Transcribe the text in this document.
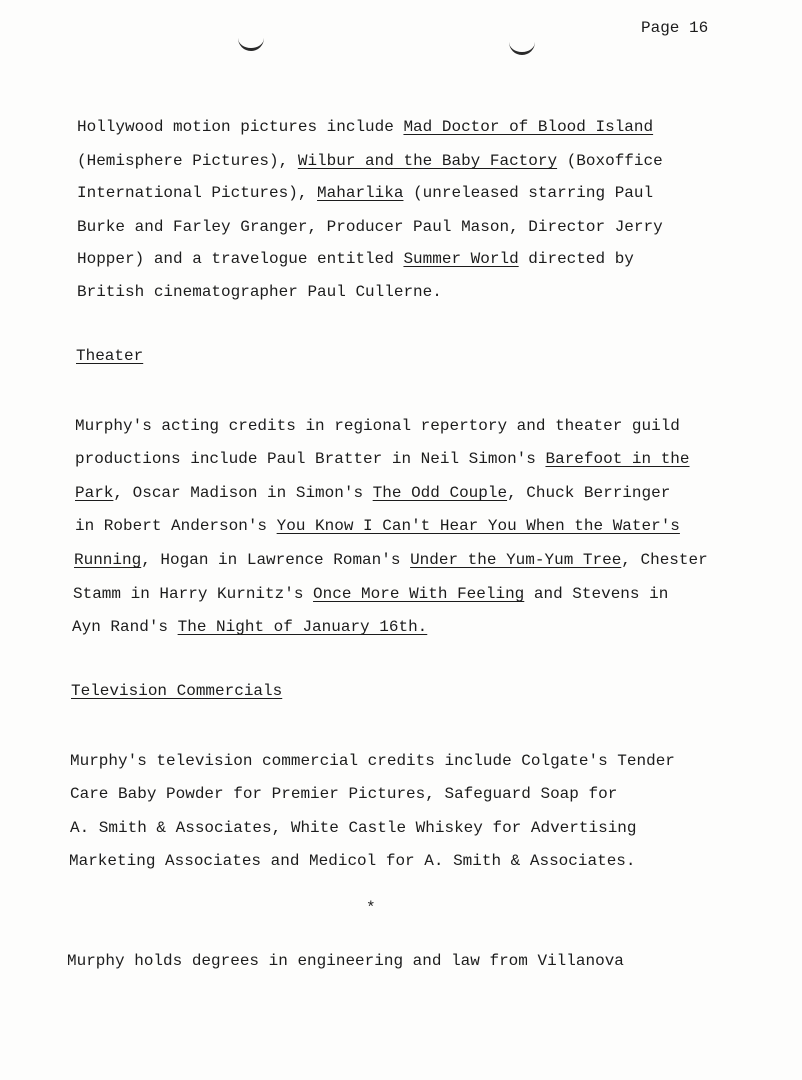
Page 16
Hollywood motion pictures include Mad Doctor of Blood Island
(Hemisphere Pictures), Wilbur and the Baby Factory (Boxoffice
International Pictures), Maharlika (unreleased starring Paul
Burke and Farley Granger, Producer Paul Mason, Director Jerry
Hopper) and a travelogue entitled Summer World directed by
British cinematographer Paul Cullerne.
Theater
Murphy's acting credits in regional repertory and theater guild
productions include Paul Bratter in Neil Simon's Barefoot in the
Park, Oscar Madison in Simon's The Odd Couple, Chuck Berringer
in Robert Anderson's You Know I Can't Hear You When the Water's
Running, Hogan in Lawrence Roman's Under the Yum-Yum Tree, Chester
Stamm in Harry Kurnitz's Once More With Feeling and Stevens in
Ayn Rand's The Night of January 16th.
Television Commercials
Murphy's television commercial credits include Colgate's Tender
Care Baby Powder for Premier Pictures, Safeguard Soap for
A. Smith & Associates, White Castle Whiskey for Advertising
Marketing Associates and Medicol for A. Smith & Associates.
*
Murphy holds degrees in engineering and law from Villanova
